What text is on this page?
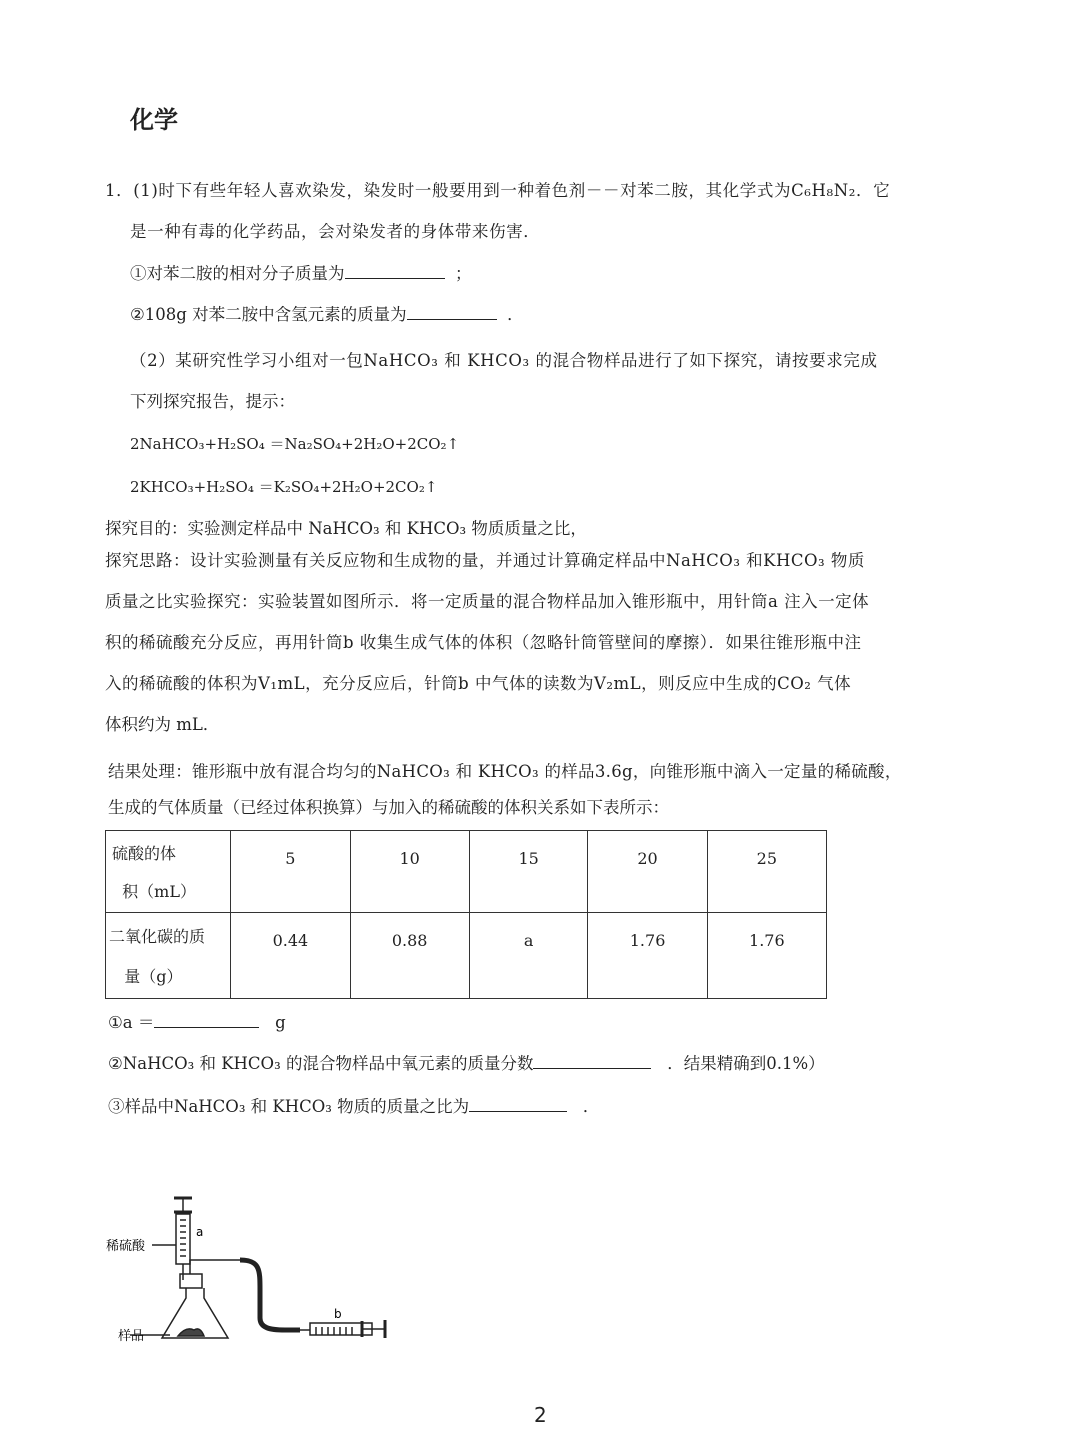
化学
1．(1)时下有些年轻人喜欢染发，染发时一般要用到一种着色剂－－对苯二胺，其化学式为C₆H₈N₂．它
是一种有毒的化学药品，会对染发者的身体带来伤害．
①对苯二胺的相对分子质量为	；
②108g 对苯二胺中含氢元素的质量为	．
（2）某研究性学习小组对一包NaHCO₃ 和 KHCO₃ 的混合物样品进行了如下探究，请按要求完成
下列探究报告，提示：
2NaHCO₃+H₂SO₄ ＝Na₂SO₄+2H₂O+2CO₂↑
2KHCO₃+H₂SO₄ ＝K₂SO₄+2H₂O+2CO₂↑
探究目的：实验测定样品中 NaHCO₃ 和 KHCO₃ 物质质量之比，
探究思路：设计实验测量有关反应物和生成物的量，并通过计算确定样品中NaHCO₃ 和KHCO₃ 物质
质量之比实验探究：实验装置如图所示．将一定质量的混合物样品加入锥形瓶中，用针筒a 注入一定体
积的稀硫酸充分反应，再用针筒b 收集生成气体的体积（忽略针筒管壁间的摩擦）．如果往锥形瓶中注
入的稀硫酸的体积为V₁mL，充分反应后，针筒b 中气体的读数为V₂mL，则反应中生成的CO₂ 气体
体积约为 mL．
结果处理：锥形瓶中放有混合均匀的NaHCO₃ 和 KHCO₃ 的样品3.6g，向锥形瓶中滴入一定量的稀硫酸，
生成的气体质量（已经过体积换算）与加入的稀硫酸的体积关系如下表所示：
硫酸的体
积（mL）	5	10	15	20	25
二氧化碳的质
量（g）	0.44	0.88	a	1.76	1.76
①a ＝	g
②NaHCO₃ 和 KHCO₃ 的混合物样品中氧元素的质量分数	．结果精确到0.1%）
③样品中NaHCO₃ 和 KHCO₃ 物质的质量之比为	．
a
稀硫酸
样品
b
2
